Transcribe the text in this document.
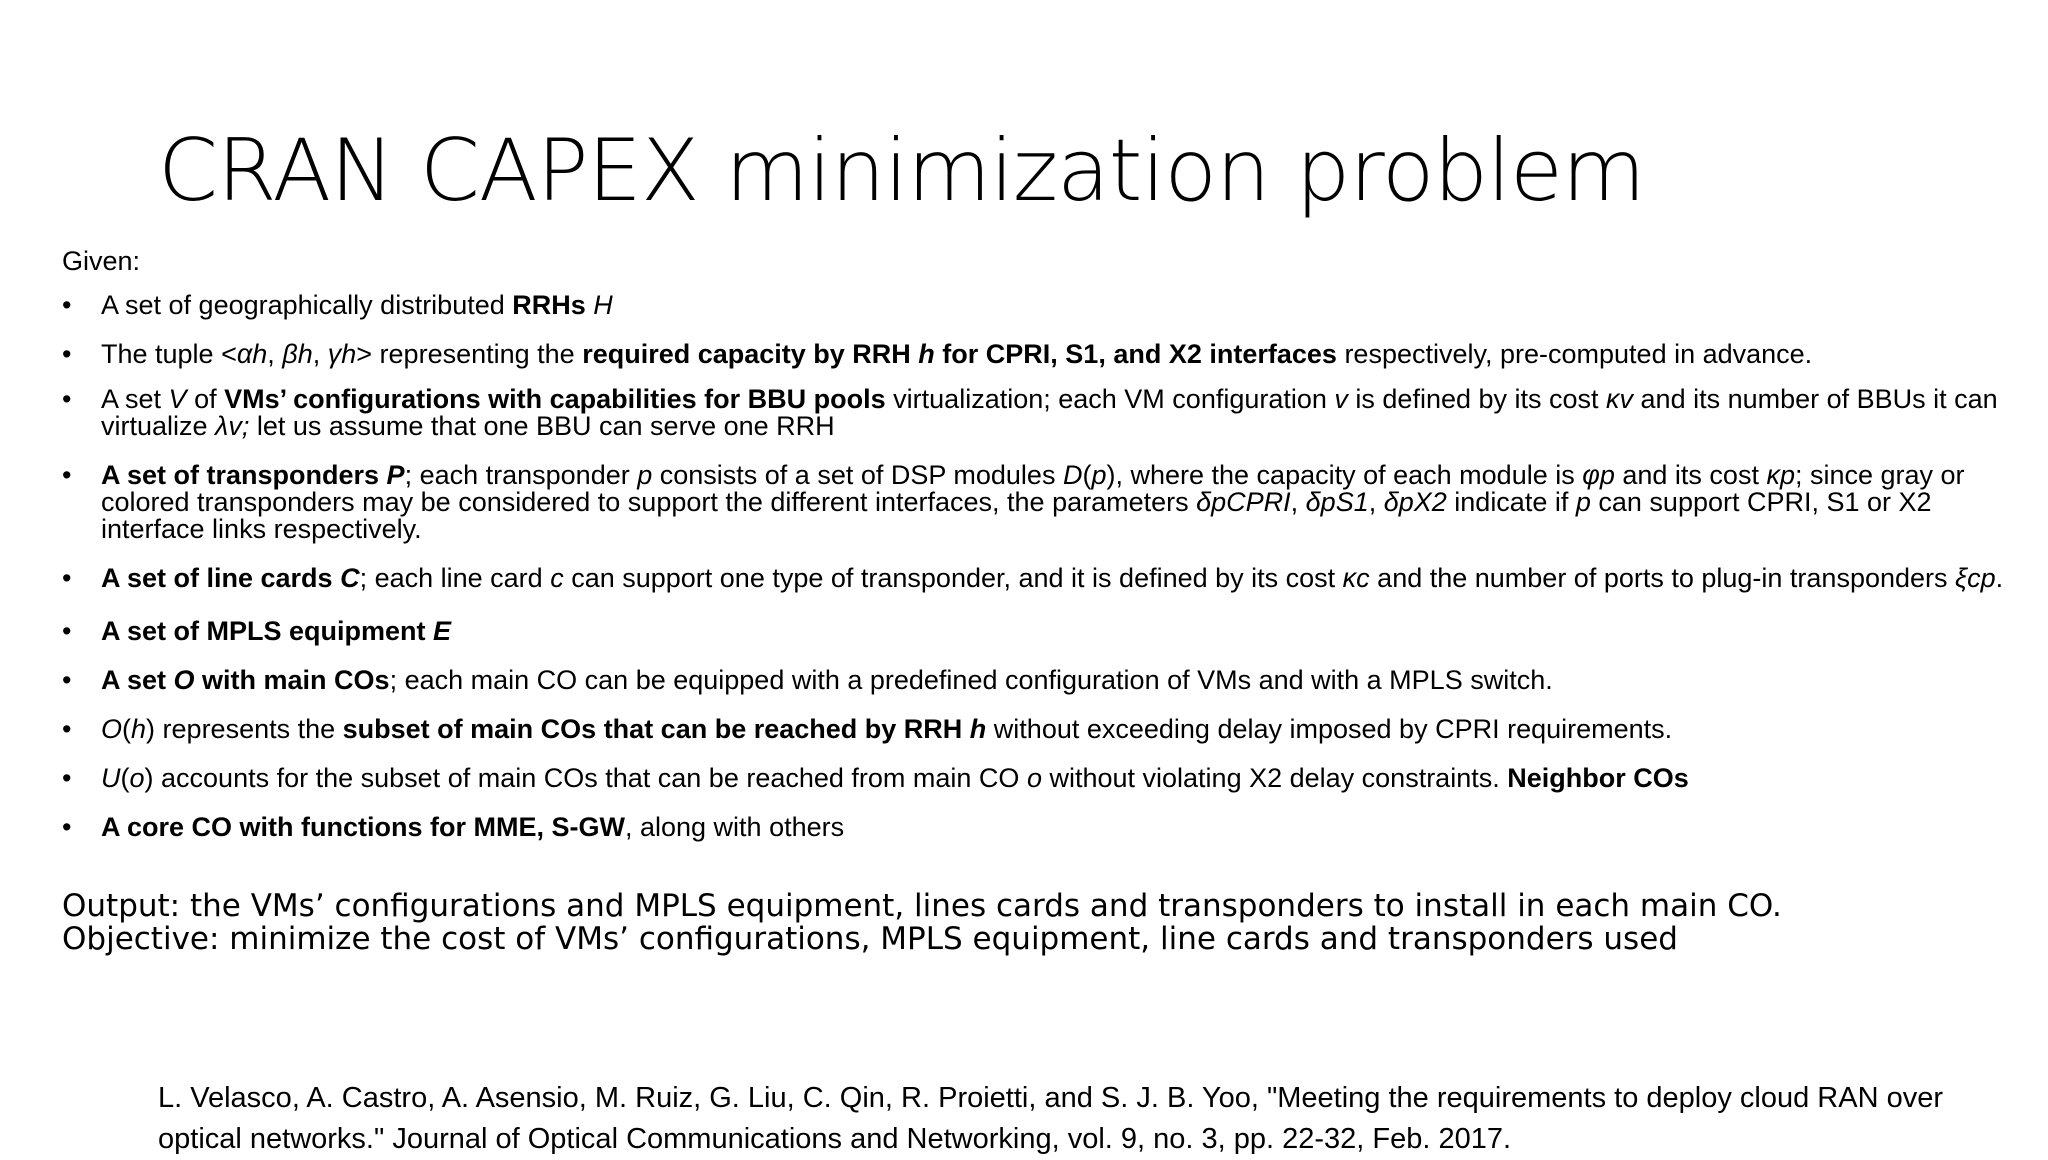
CRAN CAPEX minimization problem
Given:
• A set of geographically distributed RRHs H
• The tuple <αh, βh, γh> representing the required capacity by RRH h for CPRI, S1, and X2 interfaces respectively, pre-computed in advance.
• A set V of VMs’ configurations with capabilities for BBU pools virtualization; each VM configuration v is defined by its cost κv and its number of BBUs it can virtualize λv; let us assume that one BBU can serve one RRH
• A set of transponders P; each transponder p consists of a set of DSP modules D(p), where the capacity of each module is φp and its cost κp; since gray or colored transponders may be considered to support the different interfaces, the parameters δpCPRI, δpS1, δpX2 indicate if p can support CPRI, S1 or X2 interface links respectively.
• A set of line cards C; each line card c can support one type of transponder, and it is defined by its cost κc and the number of ports to plug-in transponders ξcp.
• A set of MPLS equipment E
• A set O with main COs; each main CO can be equipped with a predefined configuration of VMs and with a MPLS switch.
• O(h) represents the subset of main COs that can be reached by RRH h without exceeding delay imposed by CPRI requirements.
• U(o) accounts for the subset of main COs that can be reached from main CO o without violating X2 delay constraints. Neighbor COs
• A core CO with functions for MME, S-GW, along with others
Output: the VMs’ configurations and MPLS equipment, lines cards and transponders to install in each main CO.
Objective: minimize the cost of VMs’ configurations, MPLS equipment, line cards and transponders used
L. Velasco, A. Castro, A. Asensio, M. Ruiz, G. Liu, C. Qin, R. Proietti, and S. J. B. Yoo, "Meeting the requirements to deploy cloud RAN over optical networks." Journal of Optical Communications and Networking, vol. 9, no. 3, pp. 22-32, Feb. 2017.
